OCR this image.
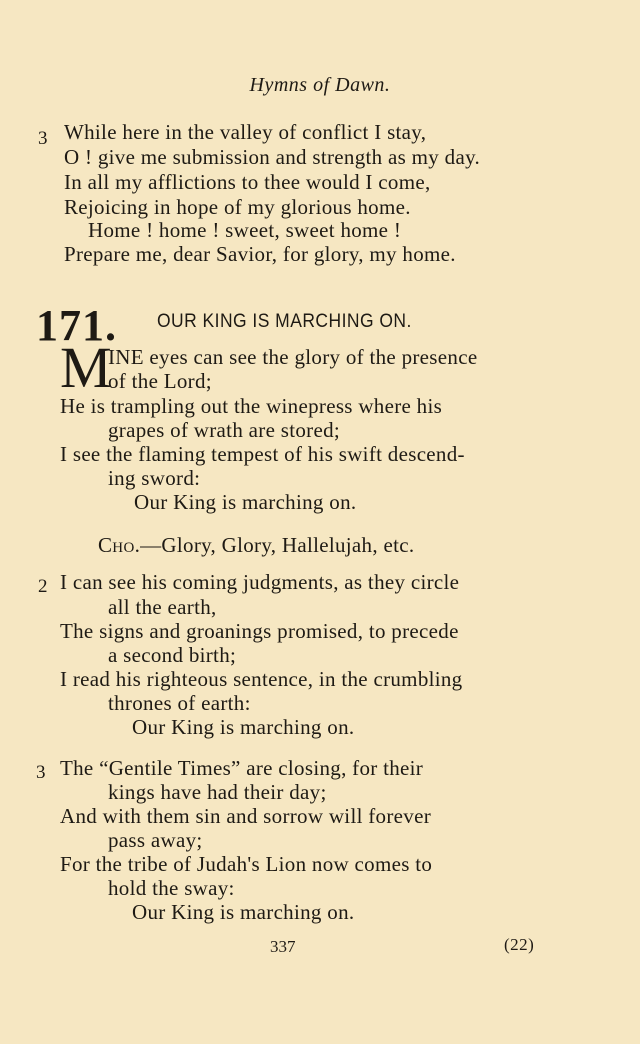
Hymns of Dawn.
3 While here in the valley of conflict I stay,
O ! give me submission and strength as my day.
In all my afflictions to thee would I come,
Rejoicing in hope of my glorious home.
Home ! home ! sweet, sweet home !
Prepare me, dear Savior, for glory, my home.
171. OUR KING IS MARCHING ON.
M
INE eyes can see the glory of the presence
of the Lord;
He is trampling out the winepress where his
grapes of wrath are stored;
I see the flaming tempest of his swift descend-
ing sword:
Our King is marching on.
Cho.—Glory, Glory, Hallelujah, etc.
2 I can see his coming judgments, as they circle
all the earth,
The signs and groanings promised, to precede
a second birth;
I read his righteous sentence, in the crumbling
thrones of earth:
Our King is marching on.
3 The “Gentile Times” are closing, for their
kings have had their day;
And with them sin and sorrow will forever
pass away;
For the tribe of Judah's Lion now comes to
hold the sway:
Our King is marching on.
337	(22)
